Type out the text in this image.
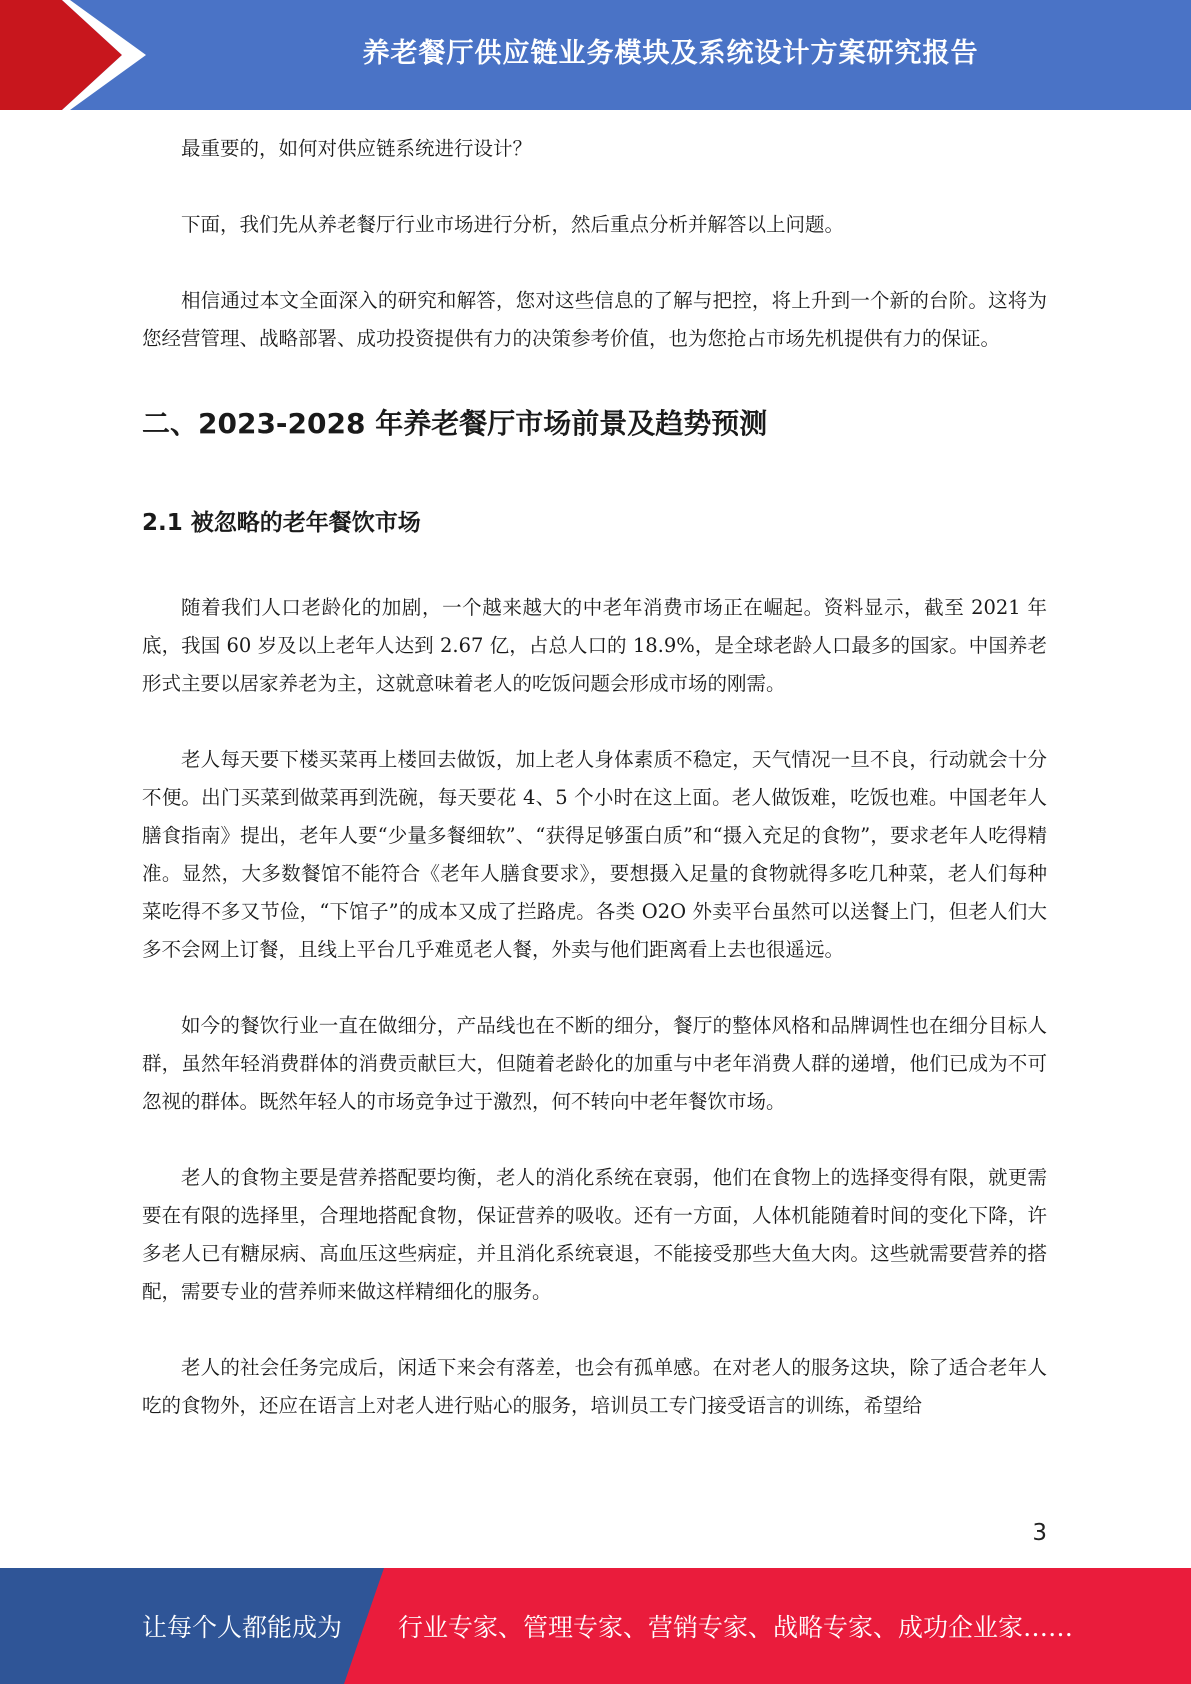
养老餐厅供应链业务模块及系统设计方案研究报告

最重要的，如何对供应链系统进行设计？

下面，我们先从养老餐厅行业市场进行分析，然后重点分析并解答以上问题。

相信通过本文全面深入的研究和解答，您对这些信息的了解与把控，将上升到一个新的台阶。这将为您经营管理、战略部署、成功投资提供有力的决策参考价值，也为您抢占市场先机提供有力的保证。

二、2023-2028 年养老餐厅市场前景及趋势预测
2.1 被忽略的老年餐饮市场

随着我们人口老龄化的加剧，一个越来越大的中老年消费市场正在崛起。资料显示，截至 2021 年底，我国 60 岁及以上老年人达到 2.67 亿，占总人口的 18.9%，是全球老龄人口最多的国家。中国养老形式主要以居家养老为主，这就意味着老人的吃饭问题会形成市场的刚需。

老人每天要下楼买菜再上楼回去做饭，加上老人身体素质不稳定，天气情况一旦不良，行动就会十分不便。出门买菜到做菜再到洗碗，每天要花 4、5 个小时在这上面。老人做饭难，吃饭也难。中国老年人膳食指南》提出，老年人要“少量多餐细软”、“获得足够蛋白质”和“摄入充足的食物”，要求老年人吃得精准。显然，大多数餐馆不能符合《老年人膳食要求》，要想摄入足量的食物就得多吃几种菜，老人们每种菜吃得不多又节俭，“下馆子”的成本又成了拦路虎。各类 O2O 外卖平台虽然可以送餐上门，但老人们大多不会网上订餐，且线上平台几乎难觅老人餐，外卖与他们距离看上去也很遥远。

如今的餐饮行业一直在做细分，产品线也在不断的细分，餐厅的整体风格和品牌调性也在细分目标人群，虽然年轻消费群体的消费贡献巨大，但随着老龄化的加重与中老年消费人群的递增，他们已成为不可忽视的群体。既然年轻人的市场竞争过于激烈，何不转向中老年餐饮市场。

老人的食物主要是营养搭配要均衡，老人的消化系统在衰弱，他们在食物上的选择变得有限，就更需要在有限的选择里，合理地搭配食物，保证营养的吸收。还有一方面，人体机能随着时间的变化下降，许多老人已有糖尿病、高血压这些病症，并且消化系统衰退，不能接受那些大鱼大肉。这些就需要营养的搭配，需要专业的营养师来做这样精细化的服务。

老人的社会任务完成后，闲适下来会有落差，也会有孤单感。在对老人的服务这块，除了适合老年人吃的食物外，还应在语言上对老人进行贴心的服务，培训员工专门接受语言的训练，希望给

3
让每个人都能成为 行业专家、管理专家、营销专家、战略专家、成功企业家……
